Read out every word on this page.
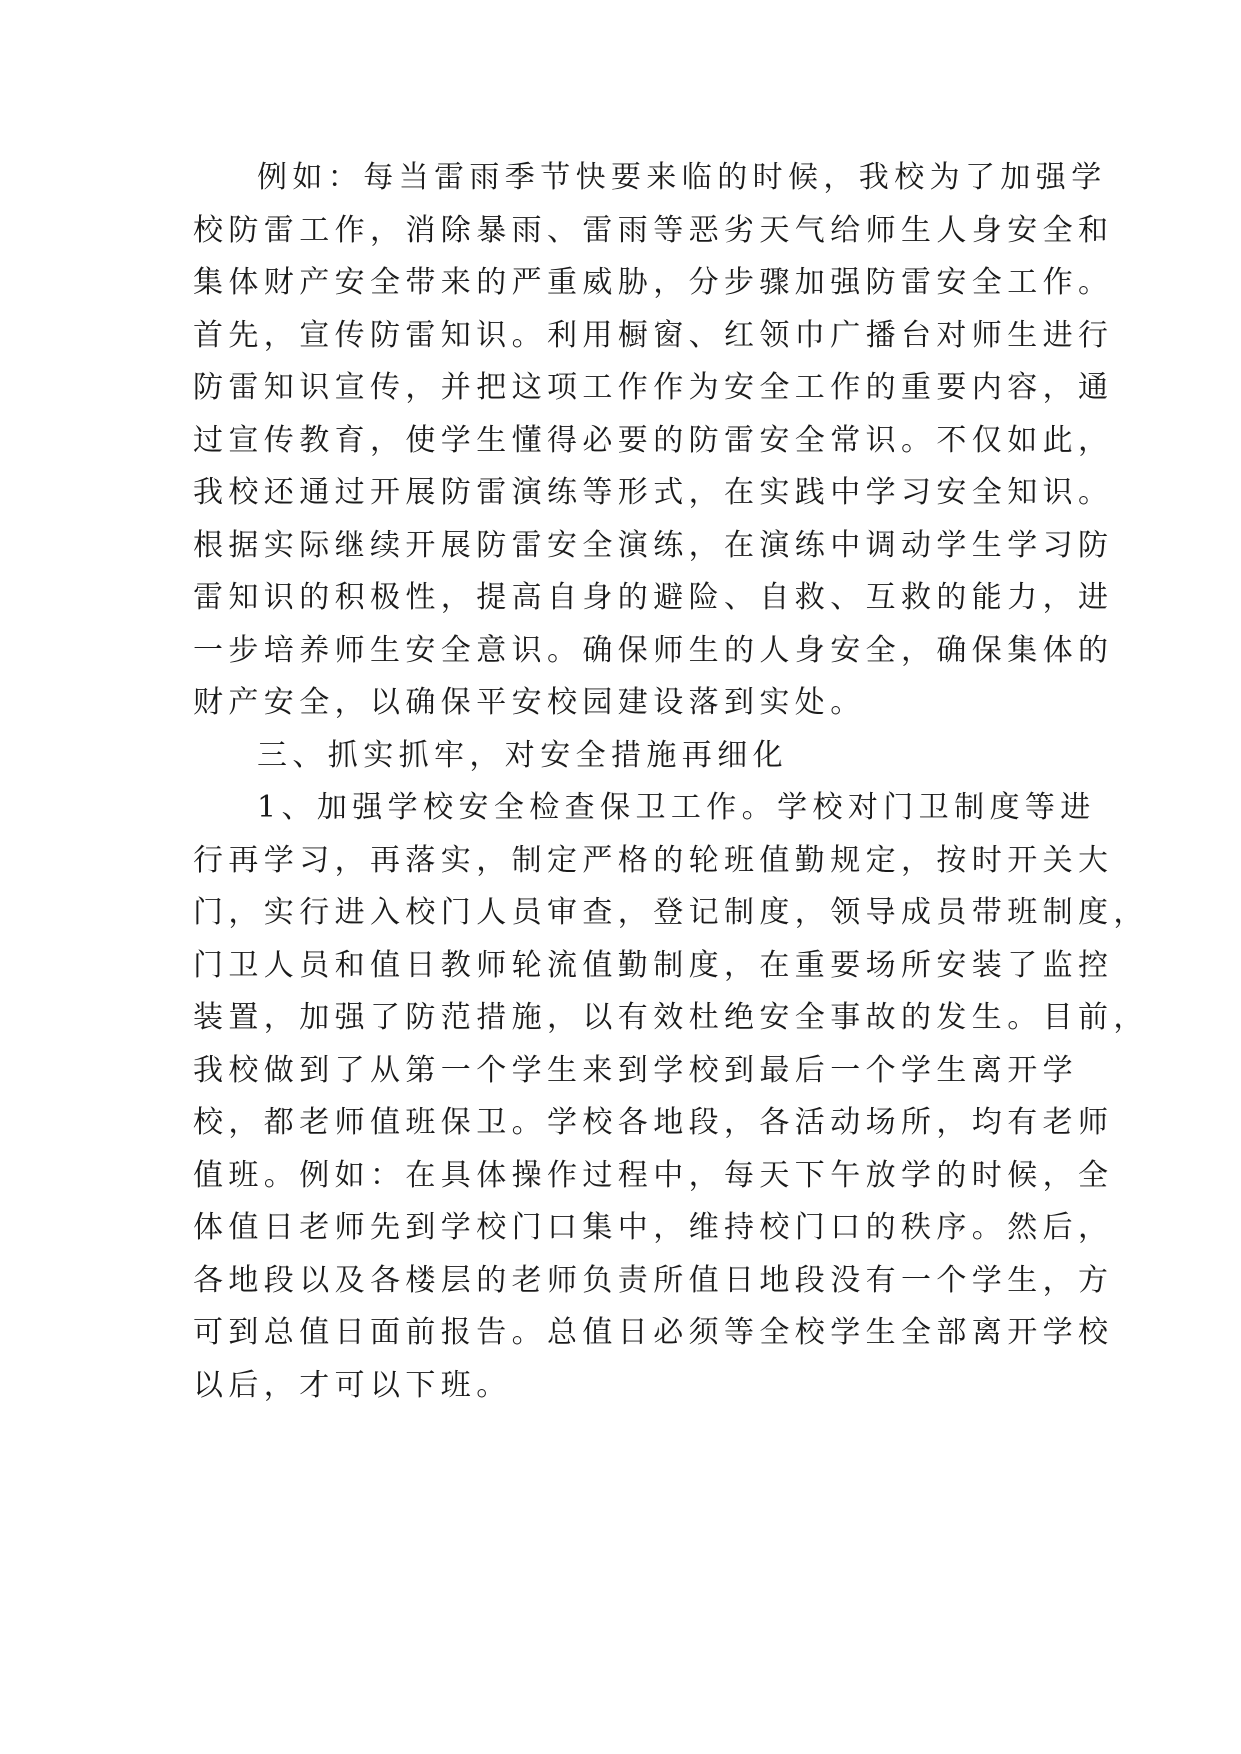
例如：每当雷雨季节快要来临的时候，我校为了加强学
校防雷工作，消除暴雨、雷雨等恶劣天气给师生人身安全和
集体财产安全带来的严重威胁，分步骤加强防雷安全工作。
首先，宣传防雷知识。利用橱窗、红领巾广播台对师生进行
防雷知识宣传，并把这项工作作为安全工作的重要内容，通
过宣传教育，使学生懂得必要的防雷安全常识。不仅如此，
我校还通过开展防雷演练等形式，在实践中学习安全知识。
根据实际继续开展防雷安全演练，在演练中调动学生学习防
雷知识的积极性，提高自身的避险、自救、互救的能力，进
一步培养师生安全意识。确保师生的人身安全，确保集体的
财产安全，以确保平安校园建设落到实处。
三、抓实抓牢，对安全措施再细化
1、加强学校安全检查保卫工作。学校对门卫制度等进
行再学习，再落实，制定严格的轮班值勤规定，按时开关大
门，实行进入校门人员审查，登记制度，领导成员带班制度，
门卫人员和值日教师轮流值勤制度，在重要场所安装了监控
装置，加强了防范措施，以有效杜绝安全事故的发生。目前，
我校做到了从第一个学生来到学校到最后一个学生离开学
校，都老师值班保卫。学校各地段，各活动场所，均有老师
值班。例如：在具体操作过程中，每天下午放学的时候，全
体值日老师先到学校门口集中，维持校门口的秩序。然后，
各地段以及各楼层的老师负责所值日地段没有一个学生，方
可到总值日面前报告。总值日必须等全校学生全部离开学校
以后，才可以下班。
